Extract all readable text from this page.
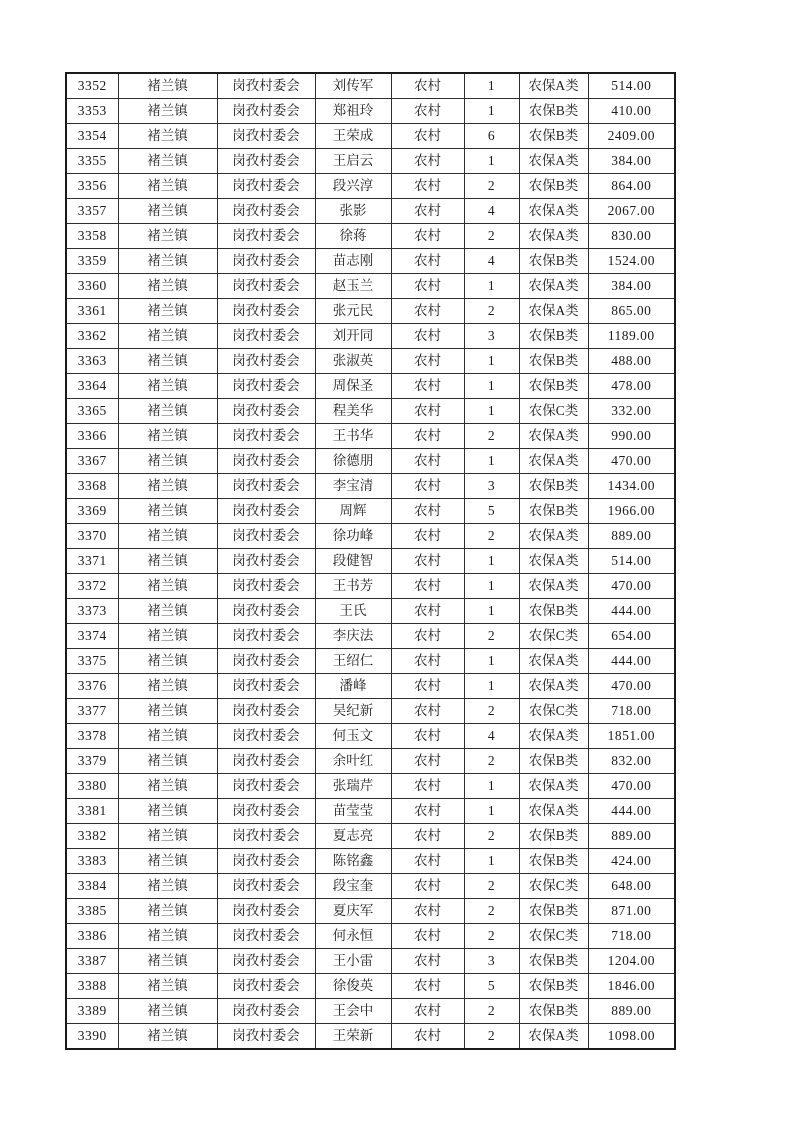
3352	褚兰镇	岗孜村委会	刘传军	农村	1	农保A类	514.00
3353	褚兰镇	岗孜村委会	郑祖玲	农村	1	农保B类	410.00
3354	褚兰镇	岗孜村委会	王荣成	农村	6	农保B类	2409.00
3355	褚兰镇	岗孜村委会	王启云	农村	1	农保A类	384.00
3356	褚兰镇	岗孜村委会	段兴淳	农村	2	农保B类	864.00
3357	褚兰镇	岗孜村委会	张影	农村	4	农保A类	2067.00
3358	褚兰镇	岗孜村委会	徐蒋	农村	2	农保A类	830.00
3359	褚兰镇	岗孜村委会	苗志刚	农村	4	农保B类	1524.00
3360	褚兰镇	岗孜村委会	赵玉兰	农村	1	农保A类	384.00
3361	褚兰镇	岗孜村委会	张元民	农村	2	农保A类	865.00
3362	褚兰镇	岗孜村委会	刘开同	农村	3	农保B类	1189.00
3363	褚兰镇	岗孜村委会	张淑英	农村	1	农保B类	488.00
3364	褚兰镇	岗孜村委会	周保圣	农村	1	农保B类	478.00
3365	褚兰镇	岗孜村委会	程美华	农村	1	农保C类	332.00
3366	褚兰镇	岗孜村委会	王书华	农村	2	农保A类	990.00
3367	褚兰镇	岗孜村委会	徐德朋	农村	1	农保A类	470.00
3368	褚兰镇	岗孜村委会	李宝清	农村	3	农保B类	1434.00
3369	褚兰镇	岗孜村委会	周辉	农村	5	农保B类	1966.00
3370	褚兰镇	岗孜村委会	徐功峰	农村	2	农保A类	889.00
3371	褚兰镇	岗孜村委会	段健智	农村	1	农保A类	514.00
3372	褚兰镇	岗孜村委会	王书芳	农村	1	农保A类	470.00
3373	褚兰镇	岗孜村委会	王氏	农村	1	农保B类	444.00
3374	褚兰镇	岗孜村委会	李庆法	农村	2	农保C类	654.00
3375	褚兰镇	岗孜村委会	王绍仁	农村	1	农保A类	444.00
3376	褚兰镇	岗孜村委会	潘峰	农村	1	农保A类	470.00
3377	褚兰镇	岗孜村委会	吴纪新	农村	2	农保C类	718.00
3378	褚兰镇	岗孜村委会	何玉文	农村	4	农保A类	1851.00
3379	褚兰镇	岗孜村委会	余叶红	农村	2	农保B类	832.00
3380	褚兰镇	岗孜村委会	张瑞芹	农村	1	农保A类	470.00
3381	褚兰镇	岗孜村委会	苗莹莹	农村	1	农保A类	444.00
3382	褚兰镇	岗孜村委会	夏志亮	农村	2	农保B类	889.00
3383	褚兰镇	岗孜村委会	陈铭鑫	农村	1	农保B类	424.00
3384	褚兰镇	岗孜村委会	段宝奎	农村	2	农保C类	648.00
3385	褚兰镇	岗孜村委会	夏庆军	农村	2	农保B类	871.00
3386	褚兰镇	岗孜村委会	何永恒	农村	2	农保C类	718.00
3387	褚兰镇	岗孜村委会	王小雷	农村	3	农保B类	1204.00
3388	褚兰镇	岗孜村委会	徐俊英	农村	5	农保B类	1846.00
3389	褚兰镇	岗孜村委会	王会中	农村	2	农保B类	889.00
3390	褚兰镇	岗孜村委会	王荣新	农村	2	农保A类	1098.00
